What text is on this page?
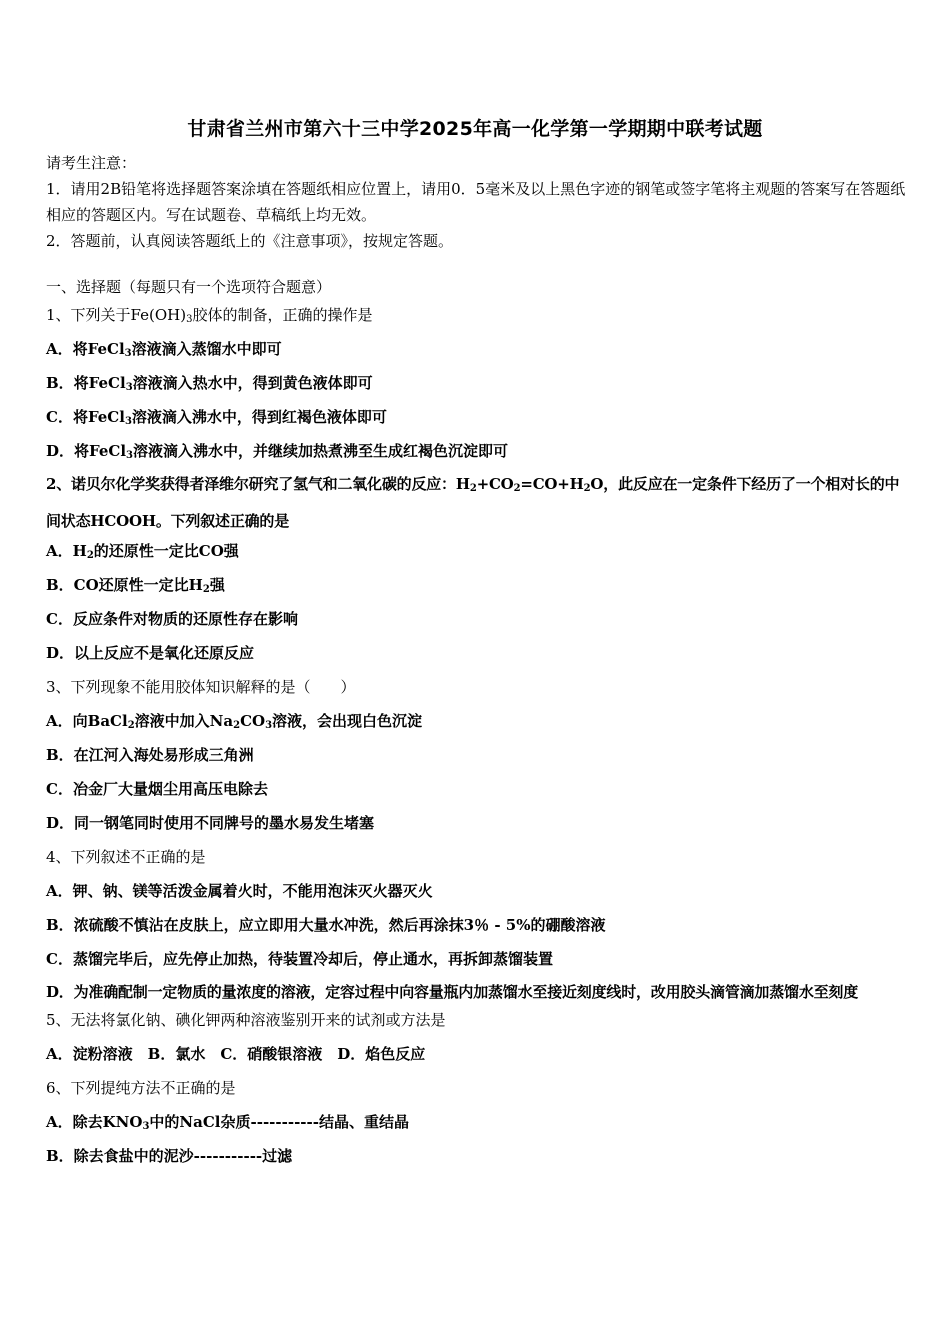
甘肃省兰州市第六十三中学2025年高一化学第一学期期中联考试题

请考生注意：

1．请用2B铅笔将选择题答案涂填在答题纸相应位置上，请用0．5毫米及以上黑色字迹的钢笔或签字笔将主观题的答案写在答题纸相应的答题区内。写在试题卷、草稿纸上均无效。

2．答题前，认真阅读答题纸上的《注意事项》，按规定答题。

一、选择题（每题只有一个选项符合题意）

1、下列关于$Fe(OH)_3$胶体的制备，正确的操作是

A．将FeCl$_3$溶液滴入蒸馏水中即可

B．将FeCl$_3$溶液滴入热水中，得到黄色液体即可

C．将FeCl$_3$溶液滴入沸水中，得到红褐色液体即可

D．将FeCl$_3$溶液滴入沸水中，并继续加热煮沸至生成红褐色沉淀即可

2、诺贝尔化学奖获得者泽维尔研究了氢气和二氧化碳的反应：$H_2+CO_2=CO+H_2O$，此反应在一定条件下经历了一个相对长的中间状态HCOOH。下列叙述正确的是

A．$H_2$的还原性一定比CO强

B．CO还原性一定比$H_2$强

C．反应条件对物质的还原性存在影响

D．以上反应不是氧化还原反应

3、下列现象不能用胶体知识解释的是（　　）

A．向BaCl$_2$溶液中加入$Na_2CO_3$溶液，会出现白色沉淀

B．在江河入海处易形成三角洲

C．冶金厂大量烟尘用高压电除去

D．同一钢笔同时使用不同牌号的墨水易发生堵塞

4、下列叙述不正确的是

A．钾、钠、镁等活泼金属着火时，不能用泡沫灭火器灭火

B．浓硫酸不慎沾在皮肤上，应立即用大量水冲洗，然后再涂抹3％ - 5%的硼酸溶液

C．蒸馏完毕后，应先停止加热，待装置冷却后，停止通水，再拆卸蒸馏装置

D．为准确配制一定物质的量浓度的溶液，定容过程中向容量瓶内加蒸馏水至接近刻度线时，改用胶头滴管滴加蒸馏水至刻度

5、无法将氯化钠、碘化钾两种溶液鉴别开来的试剂或方法是

A．淀粉溶液　B．氯水　C．硝酸银溶液　D．焰色反应

6、下列提纯方法不正确的是

A．除去$KNO_3$中的NaCl杂质-----------结晶、重结晶

B．除去食盐中的泥沙-----------过滤
